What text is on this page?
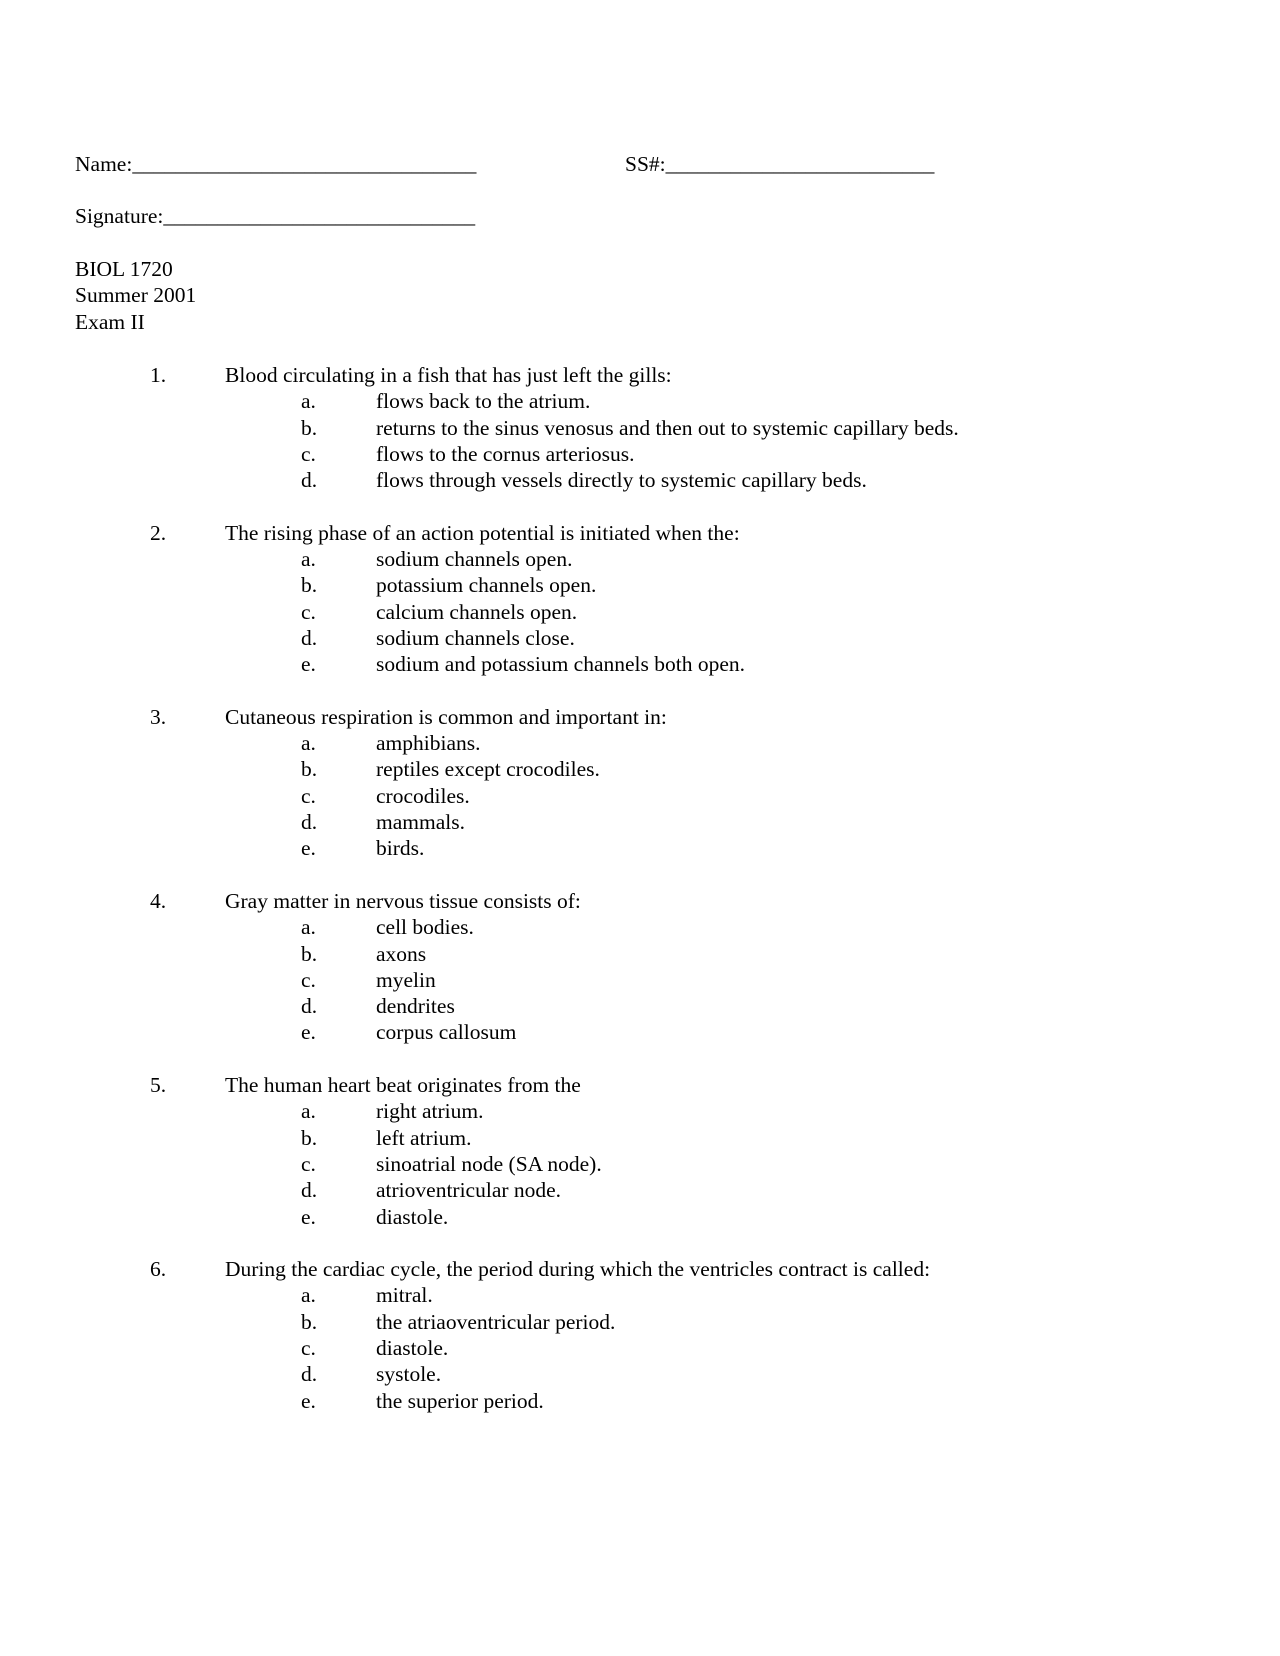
Name:________________________________	SS#:_________________________
Signature:_____________________________
BIOL 1720
Summer 2001
Exam II
1.	Blood circulating in a fish that has just left the gills:
a.	flows back to the atrium.
b.	returns to the sinus venosus and then out to systemic capillary beds.
c.	flows to the cornus arteriosus.
d.	flows through vessels directly to systemic capillary beds.
2.	The rising phase of an action potential is initiated when the:
a.	sodium channels open.
b.	potassium channels open.
c.	calcium channels open.
d.	sodium channels close.
e.	sodium and potassium channels both open.
3.	Cutaneous respiration is common and important in:
a.	amphibians.
b.	reptiles except crocodiles.
c.	crocodiles.
d.	mammals.
e.	birds.
4.	Gray matter in nervous tissue consists of:
a.	cell bodies.
b.	axons
c.	myelin
d.	dendrites
e.	corpus callosum
5.	The human heart beat originates from the
a.	right atrium.
b.	left atrium.
c.	sinoatrial node (SA node).
d.	atrioventricular node.
e.	diastole.
6.	During the cardiac cycle, the period during which the ventricles contract is called:
a.	mitral.
b.	the atriaoventricular period.
c.	diastole.
d.	systole.
e.	the superior period.
